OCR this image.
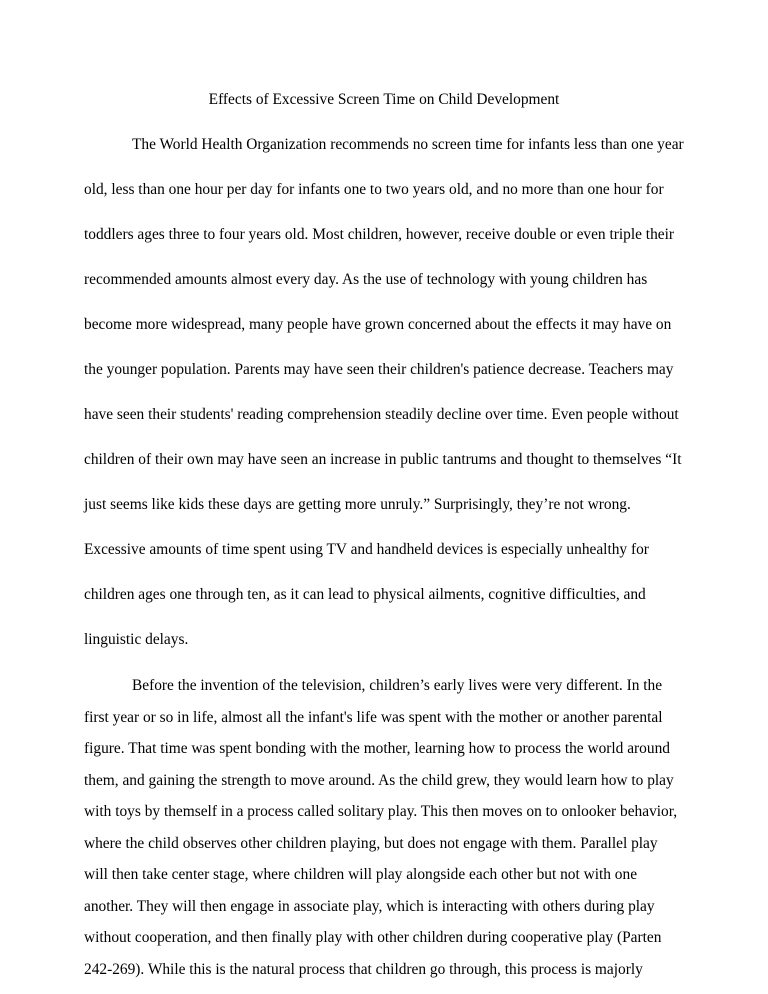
Effects of Excessive Screen Time on Child Development
The World Health Organization recommends no screen time for infants less than one year
old, less than one hour per day for infants one to two years old, and no more than one hour for
toddlers ages three to four years old. Most children, however, receive double or even triple their
recommended amounts almost every day. As the use of technology with young children has
become more widespread, many people have grown concerned about the effects it may have on
the younger population. Parents may have seen their children's patience decrease. Teachers may
have seen their students' reading comprehension steadily decline over time. Even people without
children of their own may have seen an increase in public tantrums and thought to themselves “It
just seems like kids these days are getting more unruly.” Surprisingly, they’re not wrong.
Excessive amounts of time spent using TV and handheld devices is especially unhealthy for
children ages one through ten, as it can lead to physical ailments, cognitive difficulties, and
linguistic delays.
Before the invention of the television, children’s early lives were very different. In the
first year or so in life, almost all the infant's life was spent with the mother or another parental
figure. That time was spent bonding with the mother, learning how to process the world around
them, and gaining the strength to move around. As the child grew, they would learn how to play
with toys by themself in a process called solitary play. This then moves on to onlooker behavior,
where the child observes other children playing, but does not engage with them. Parallel play
will then take center stage, where children will play alongside each other but not with one
another. They will then engage in associate play, which is interacting with others during play
without cooperation, and then finally play with other children during cooperative play (Parten
242-269). While this is the natural process that children go through, this process is majorly
